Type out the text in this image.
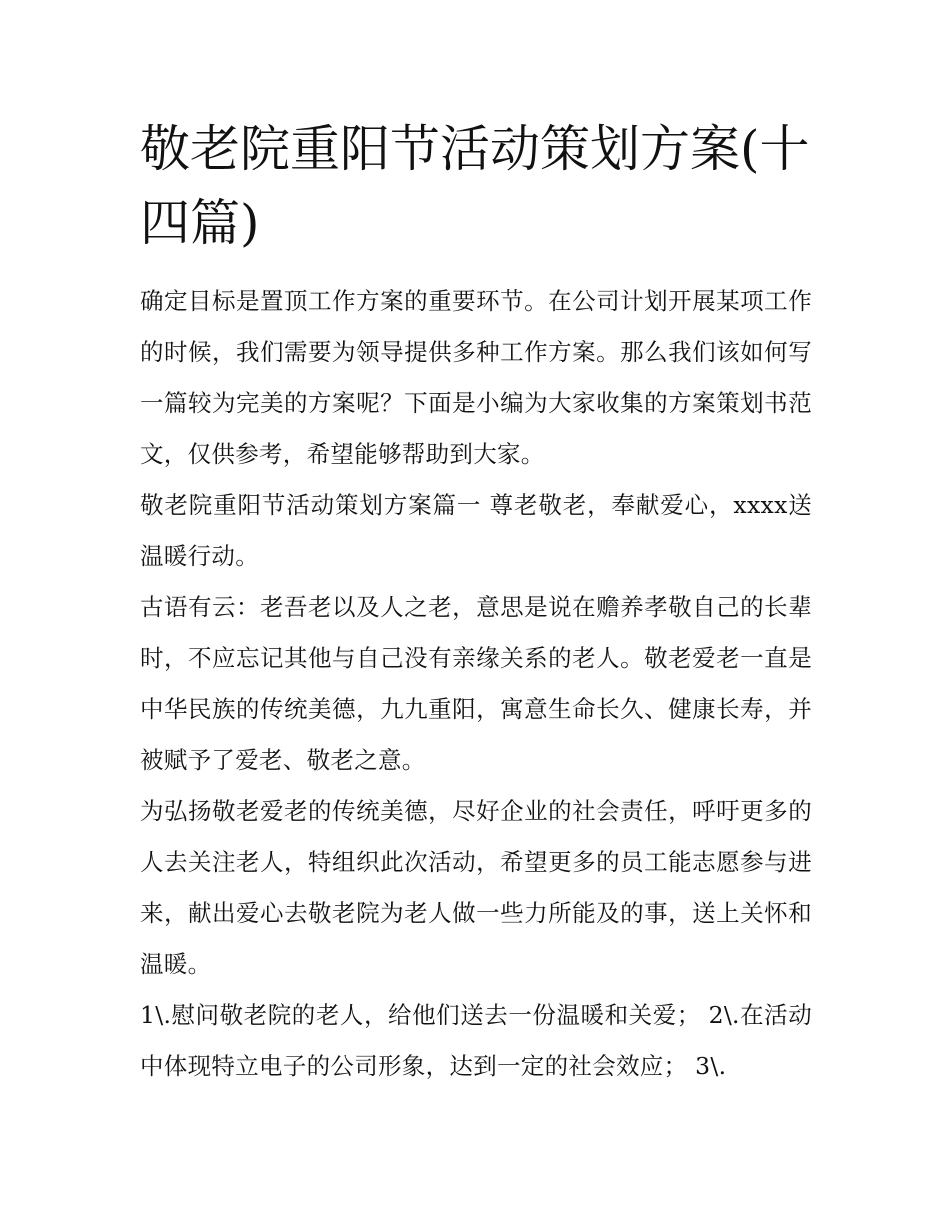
敬老院重阳节活动策划方案(十四篇)

确定目标是置顶工作方案的重要环节。在公司计划开展某项工作的时候，我们需要为领导提供多种工作方案。那么我们该如何写一篇较为完美的方案呢？下面是小编为大家收集的方案策划书范文，仅供参考，希望能够帮助到大家。

敬老院重阳节活动策划方案篇一 尊老敬老，奉献爱心，xxxx送温暖行动。

古语有云：老吾老以及人之老，意思是说在赡养孝敬自己的长辈时，不应忘记其他与自己没有亲缘关系的老人。敬老爱老一直是中华民族的传统美德，九九重阳，寓意生命长久、健康长寿，并被赋予了爱老、敬老之意。

为弘扬敬老爱老的传统美德，尽好企业的社会责任，呼吁更多的人去关注老人，特组织此次活动，希望更多的员工能志愿参与进来，献出爱心去敬老院为老人做一些力所能及的事，送上关怀和温暖。

1\.慰问敬老院的老人，给他们送去一份温暖和关爱； 2\.在活动中体现特立电子的公司形象，达到一定的社会效应； 3\.
